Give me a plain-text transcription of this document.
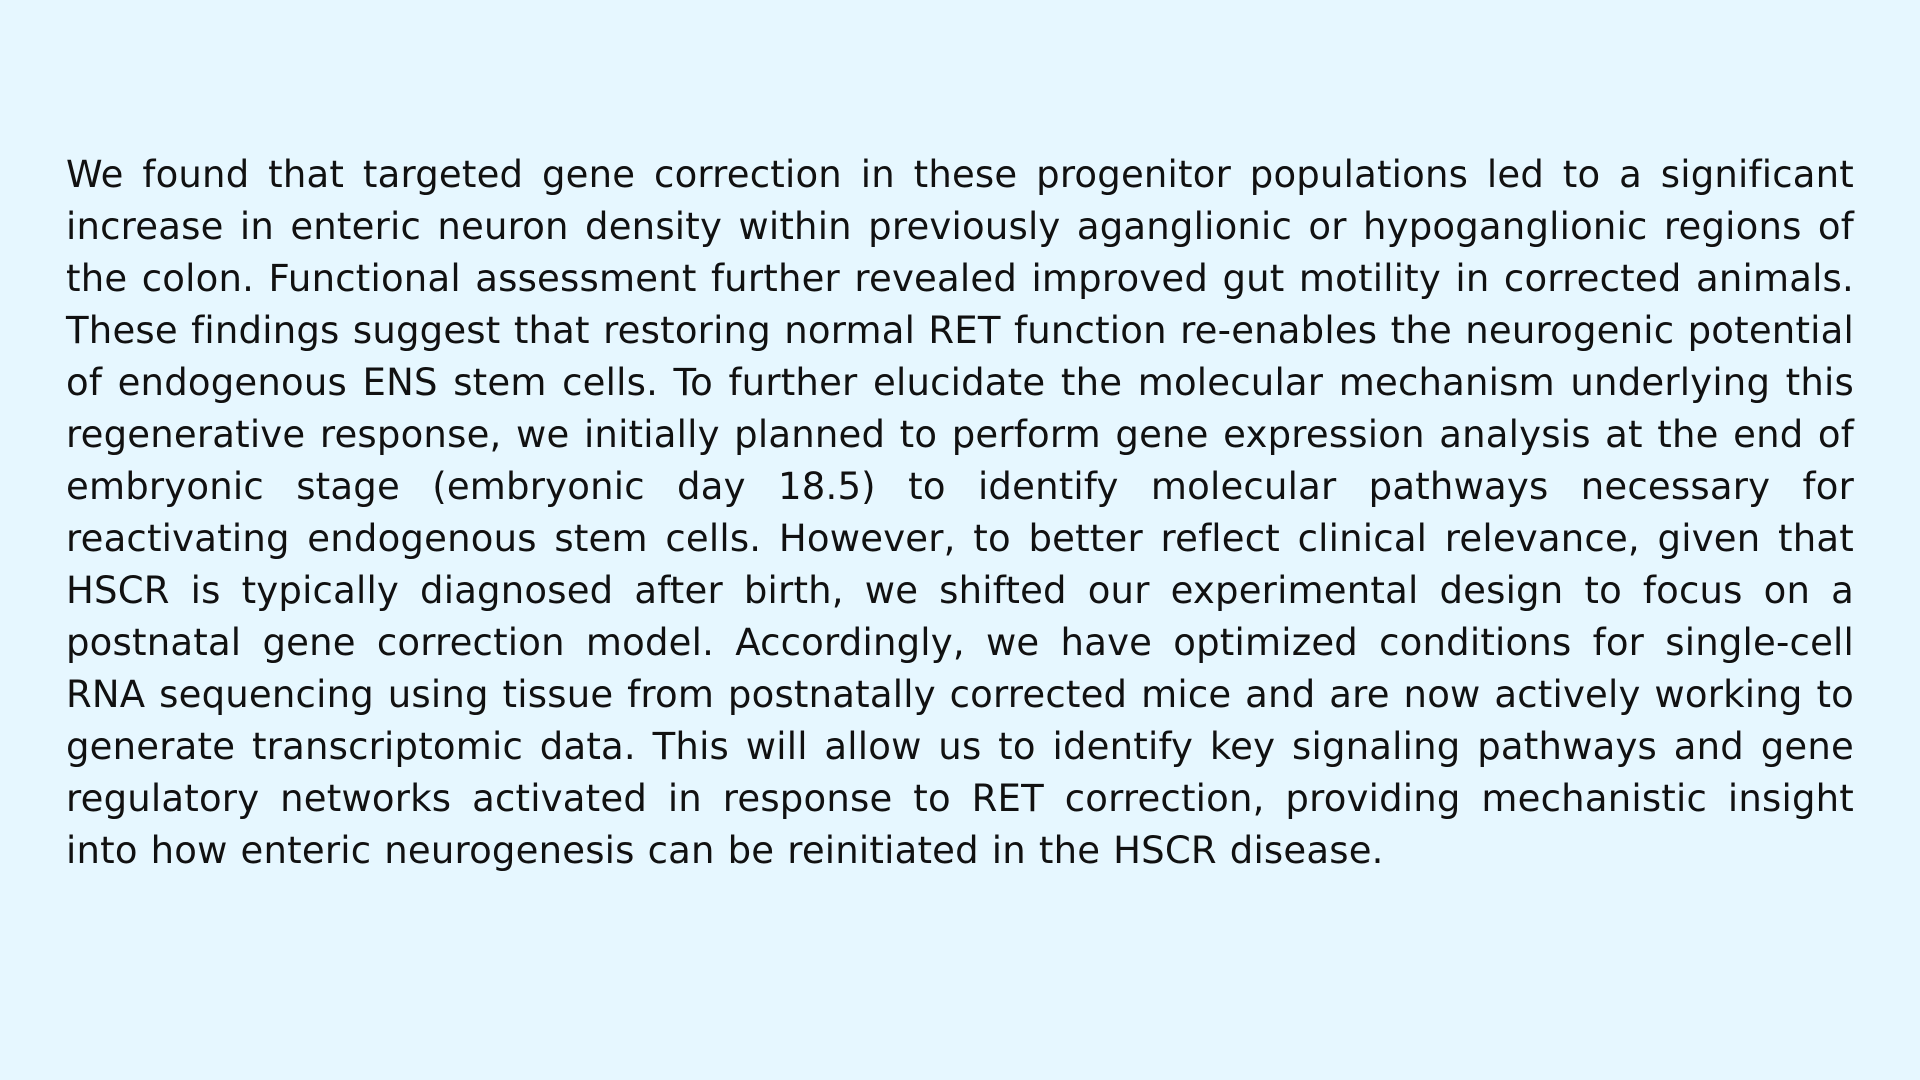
We found that targeted gene correction in these progenitor populations led to a significant increase in enteric neuron density within previously aganglionic or hypoganglionic regions of the colon. Functional assessment further revealed improved gut motility in corrected animals. These findings suggest that restoring normal RET function re-enables the neurogenic potential of endogenous ENS stem cells. To further elucidate the molecular mechanism underlying this regenerative response, we initially planned to perform gene expression analysis at the end of embryonic stage (embryonic day 18.5) to identify molecular pathways necessary for reactivating endogenous stem cells. However, to better reflect clinical relevance, given that HSCR is typically diagnosed after birth, we shifted our experimental design to focus on a postnatal gene correction model. Accordingly, we have optimized conditions for single-cell RNA sequencing using tissue from postnatally corrected mice and are now actively working to generate transcriptomic data. This will allow us to identify key signaling pathways and gene regulatory networks activated in response to RET correction, providing mechanistic insight into how enteric neurogenesis can be reinitiated in the HSCR disease.
